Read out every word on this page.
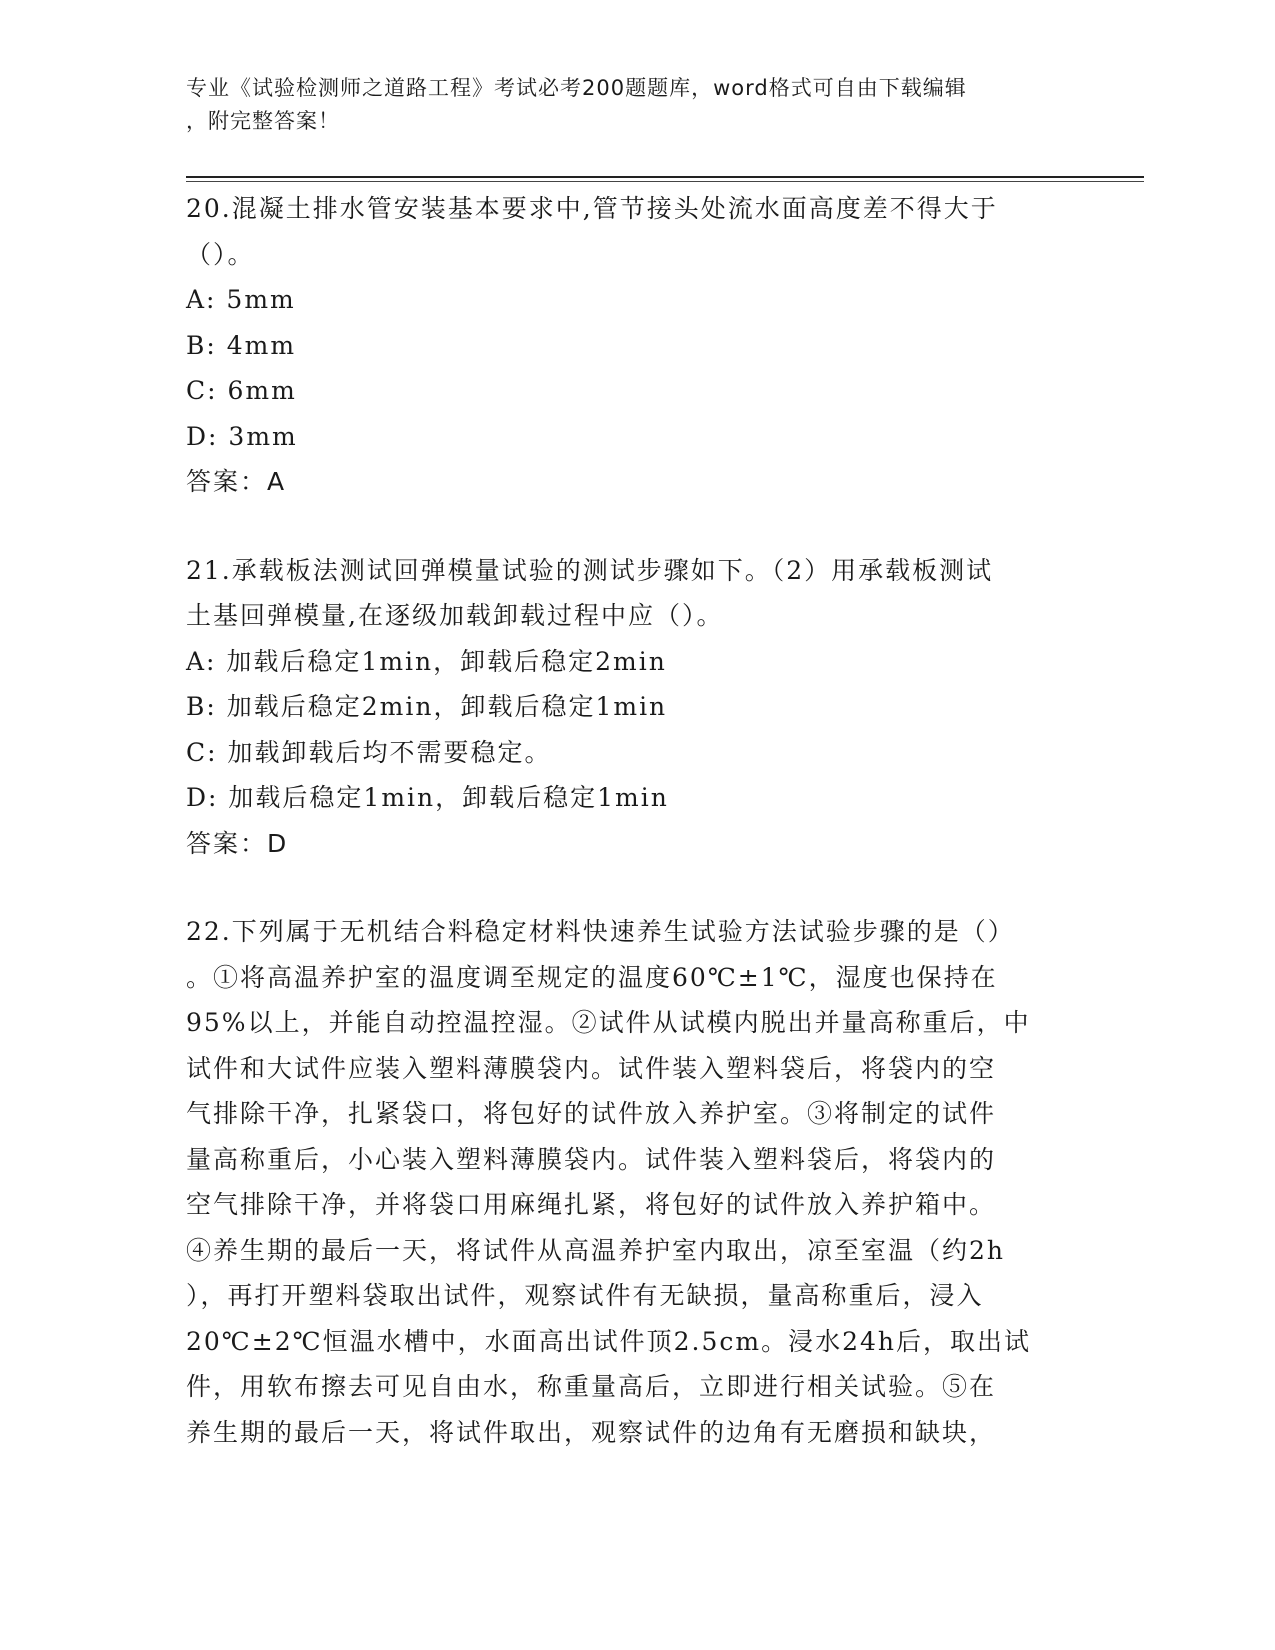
专业《试验检测师之道路工程》考试必考200题题库，word格式可自由下载编辑
，附完整答案！

20.混凝土排水管安装基本要求中,管节接头处流水面高度差不得大于

（）。

A: 5mm

B: 4mm

C: 6mm

D: 3mm

答案：A

21.承载板法测试回弹模量试验的测试步骤如下。（2）用承载板测试

土基回弹模量,在逐级加载卸载过程中应（）。

A: 加载后稳定1min，卸载后稳定2min

B: 加载后稳定2min，卸载后稳定1min

C: 加载卸载后均不需要稳定。

D: 加载后稳定1min，卸载后稳定1min

答案：D

22.下列属于无机结合料稳定材料快速养生试验方法试验步骤的是（）

。①将高温养护室的温度调至规定的温度60℃±1℃，湿度也保持在

95%以上，并能自动控温控湿。②试件从试模内脱出并量高称重后，中

试件和大试件应装入塑料薄膜袋内。试件装入塑料袋后，将袋内的空

气排除干净，扎紧袋口，将包好的试件放入养护室。③将制定的试件

量高称重后，小心装入塑料薄膜袋内。试件装入塑料袋后，将袋内的

空气排除干净，并将袋口用麻绳扎紧，将包好的试件放入养护箱中。

④养生期的最后一天，将试件从高温养护室内取出，凉至室温（约2h

），再打开塑料袋取出试件，观察试件有无缺损，量高称重后，浸入

20℃±2℃恒温水槽中，水面高出试件顶2.5cm。浸水24h后，取出试

件，用软布擦去可见自由水，称重量高后，立即进行相关试验。⑤在

养生期的最后一天，将试件取出，观察试件的边角有无磨损和缺块，
